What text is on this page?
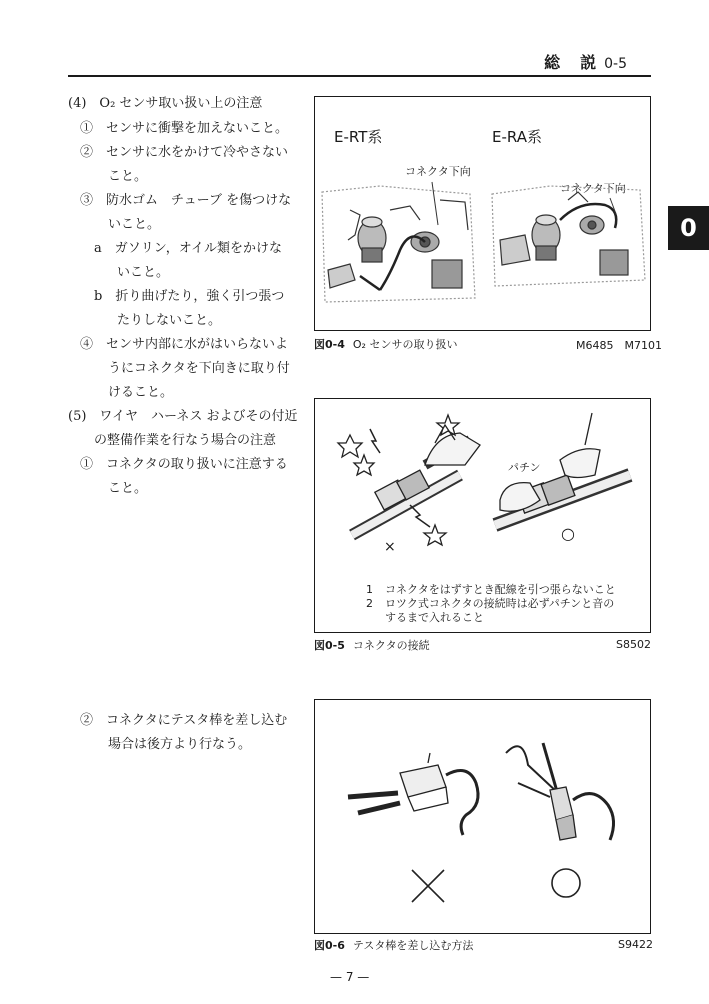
総　説 0-5
0
(4)　O₂ センサ取い扱い上の注意
①　センサに衝撃を加えないこと。
②　センサに水をかけて冷やさない
こと。
③　防水ゴム　チューブ を傷つけな
いこと。
a　ガソリン，オイル類をかけな
いこと。
b　折り曲げたり，強く引つ張つ
たりしないこと。
④　センサ内部に水がはいらないよ
うにコネクタを下向きに取り付
けること。
(5)　ワイヤ　ハーネス およびその付近
の整備作業を行なう場合の注意
①　コネクタの取り扱いに注意する
こと。
②　コネクタにテスタ棒を差し込む
場合は後方より行なう。
E-RT系	E-RA系
コネクタ下向
コネクタ下向
図0-4 O₂ センサの取り扱い	M6485　M7101
パチン
×
○
1 コネクタをはずすとき配線を引つ張らないこと
2 ロツク式コネクタの接続時は必ずパチンと音の
するまで入れること
図0-5 コネクタの接続	S8502
図0-6 テスタ棒を差し込む方法	S9422
— 7 —
